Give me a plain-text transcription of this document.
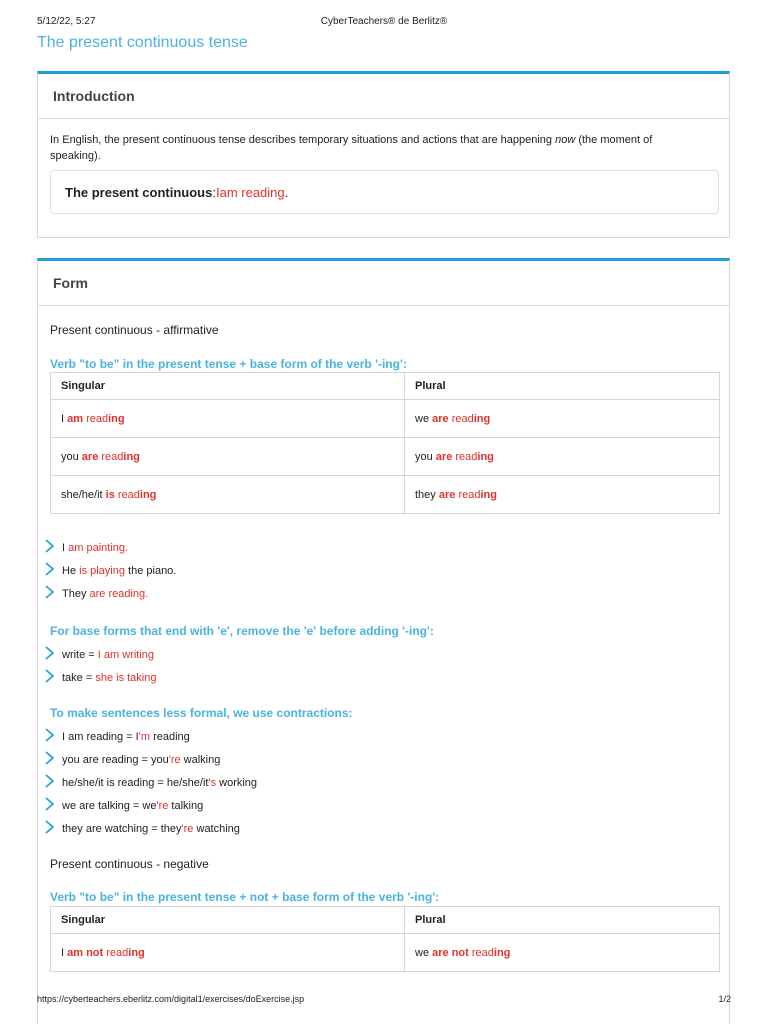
5/12/22, 5:27	CyberTeachers® de Berlitz®
The present continuous tense
Introduction
In English, the present continuous tense describes temporary situations and actions that are happening now (the moment of speaking).
The present continuous : I am reading .
Form
Present continuous - affirmative
Verb "to be" in the present tense + base form of the verb '-ing':
Singular	Plural
I am reading	we are reading
you are reading	you are reading
she/he/it is reading	they are reading
I am painting.
He is playing the piano.
They are reading.
For base forms that end with 'e', remove the 'e' before adding '-ing':
write = I am writing
take = she is taking
To make sentences less formal, we use contractions:
I am reading = I'm reading
you are reading = you're walking
he/she/it is reading = he/she/it's working
we are talking = we're talking
they are watching = they're watching
Present continuous - negative
Verb "to be" in the present tense + not + base form of the verb '-ing':
Singular	Plural
I am not reading	we are not reading
https://cyberteachers.eberlitz.com/digital1/exercises/doExercise.jsp	1/2
